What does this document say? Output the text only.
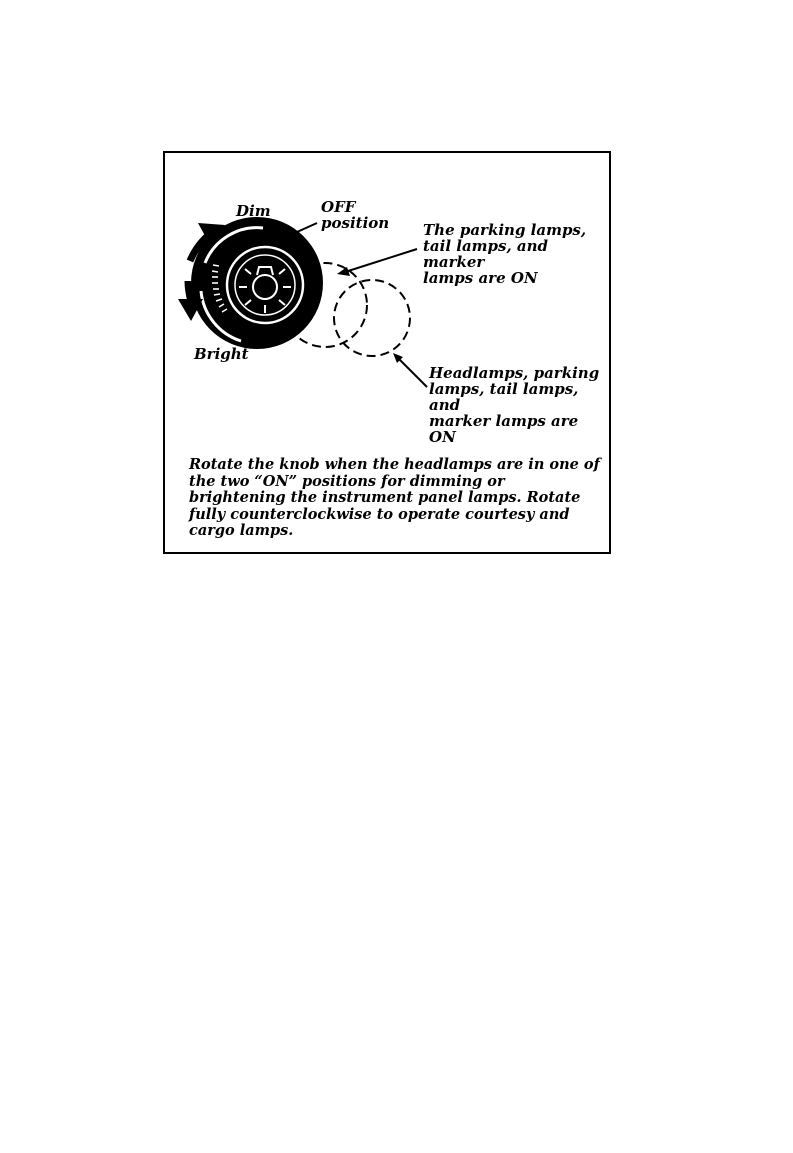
Dim	OFF
position The parking lamps,
tail lamps, and marker
lamps are ON

Bright

Headlamps, parking
lamps, tail lamps, and
marker lamps are ON

Rotate the knob when the headlamps are in one of the two “ON” positions for dimming or brightening the instrument panel lamps. Rotate fully counterclockwise to operate courtesy and cargo lamps.
